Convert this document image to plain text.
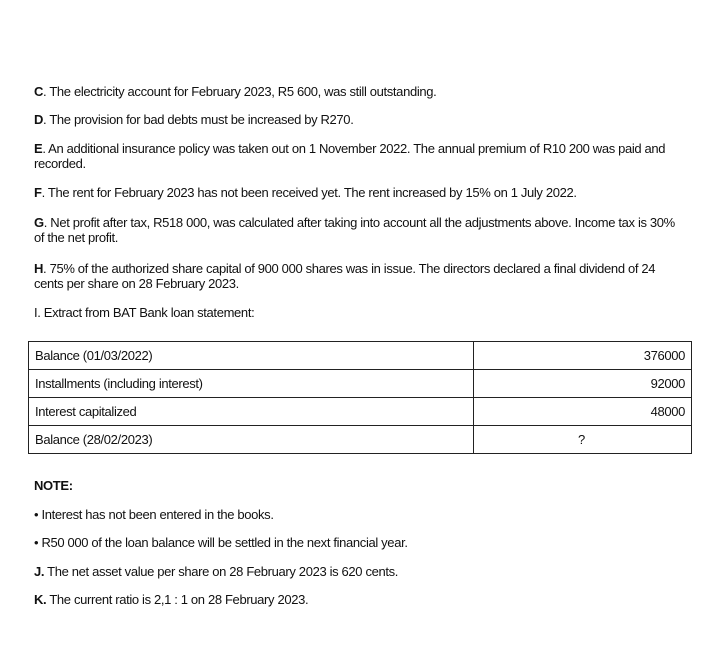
C. The electricity account for February 2023, R5 600, was still outstanding.

D. The provision for bad debts must be increased by R270.

E. An additional insurance policy was taken out on 1 November 2022. The annual premium of R10 200 was paid and recorded.

F. The rent for February 2023 has not been received yet. The rent increased by 15% on 1 July 2022.

G. Net profit after tax, R518 000, was calculated after taking into account all the adjustments above. Income tax is 30% of the net profit.

H. 75% of the authorized share capital of 900 000 shares was in issue. The directors declared a final dividend of 24 cents per share on 28 February 2023.

I. Extract from BAT Bank loan statement:

Balance (01/03/2022)	376000
Installments (including interest)	92000
Interest capitalized	48000
Balance (28/02/2023)	?

NOTE:

• Interest has not been entered in the books.

• R50 000 of the loan balance will be settled in the next financial year.

J. The net asset value per share on 28 February 2023 is 620 cents.

K. The current ratio is 2,1 : 1 on 28 February 2023.
